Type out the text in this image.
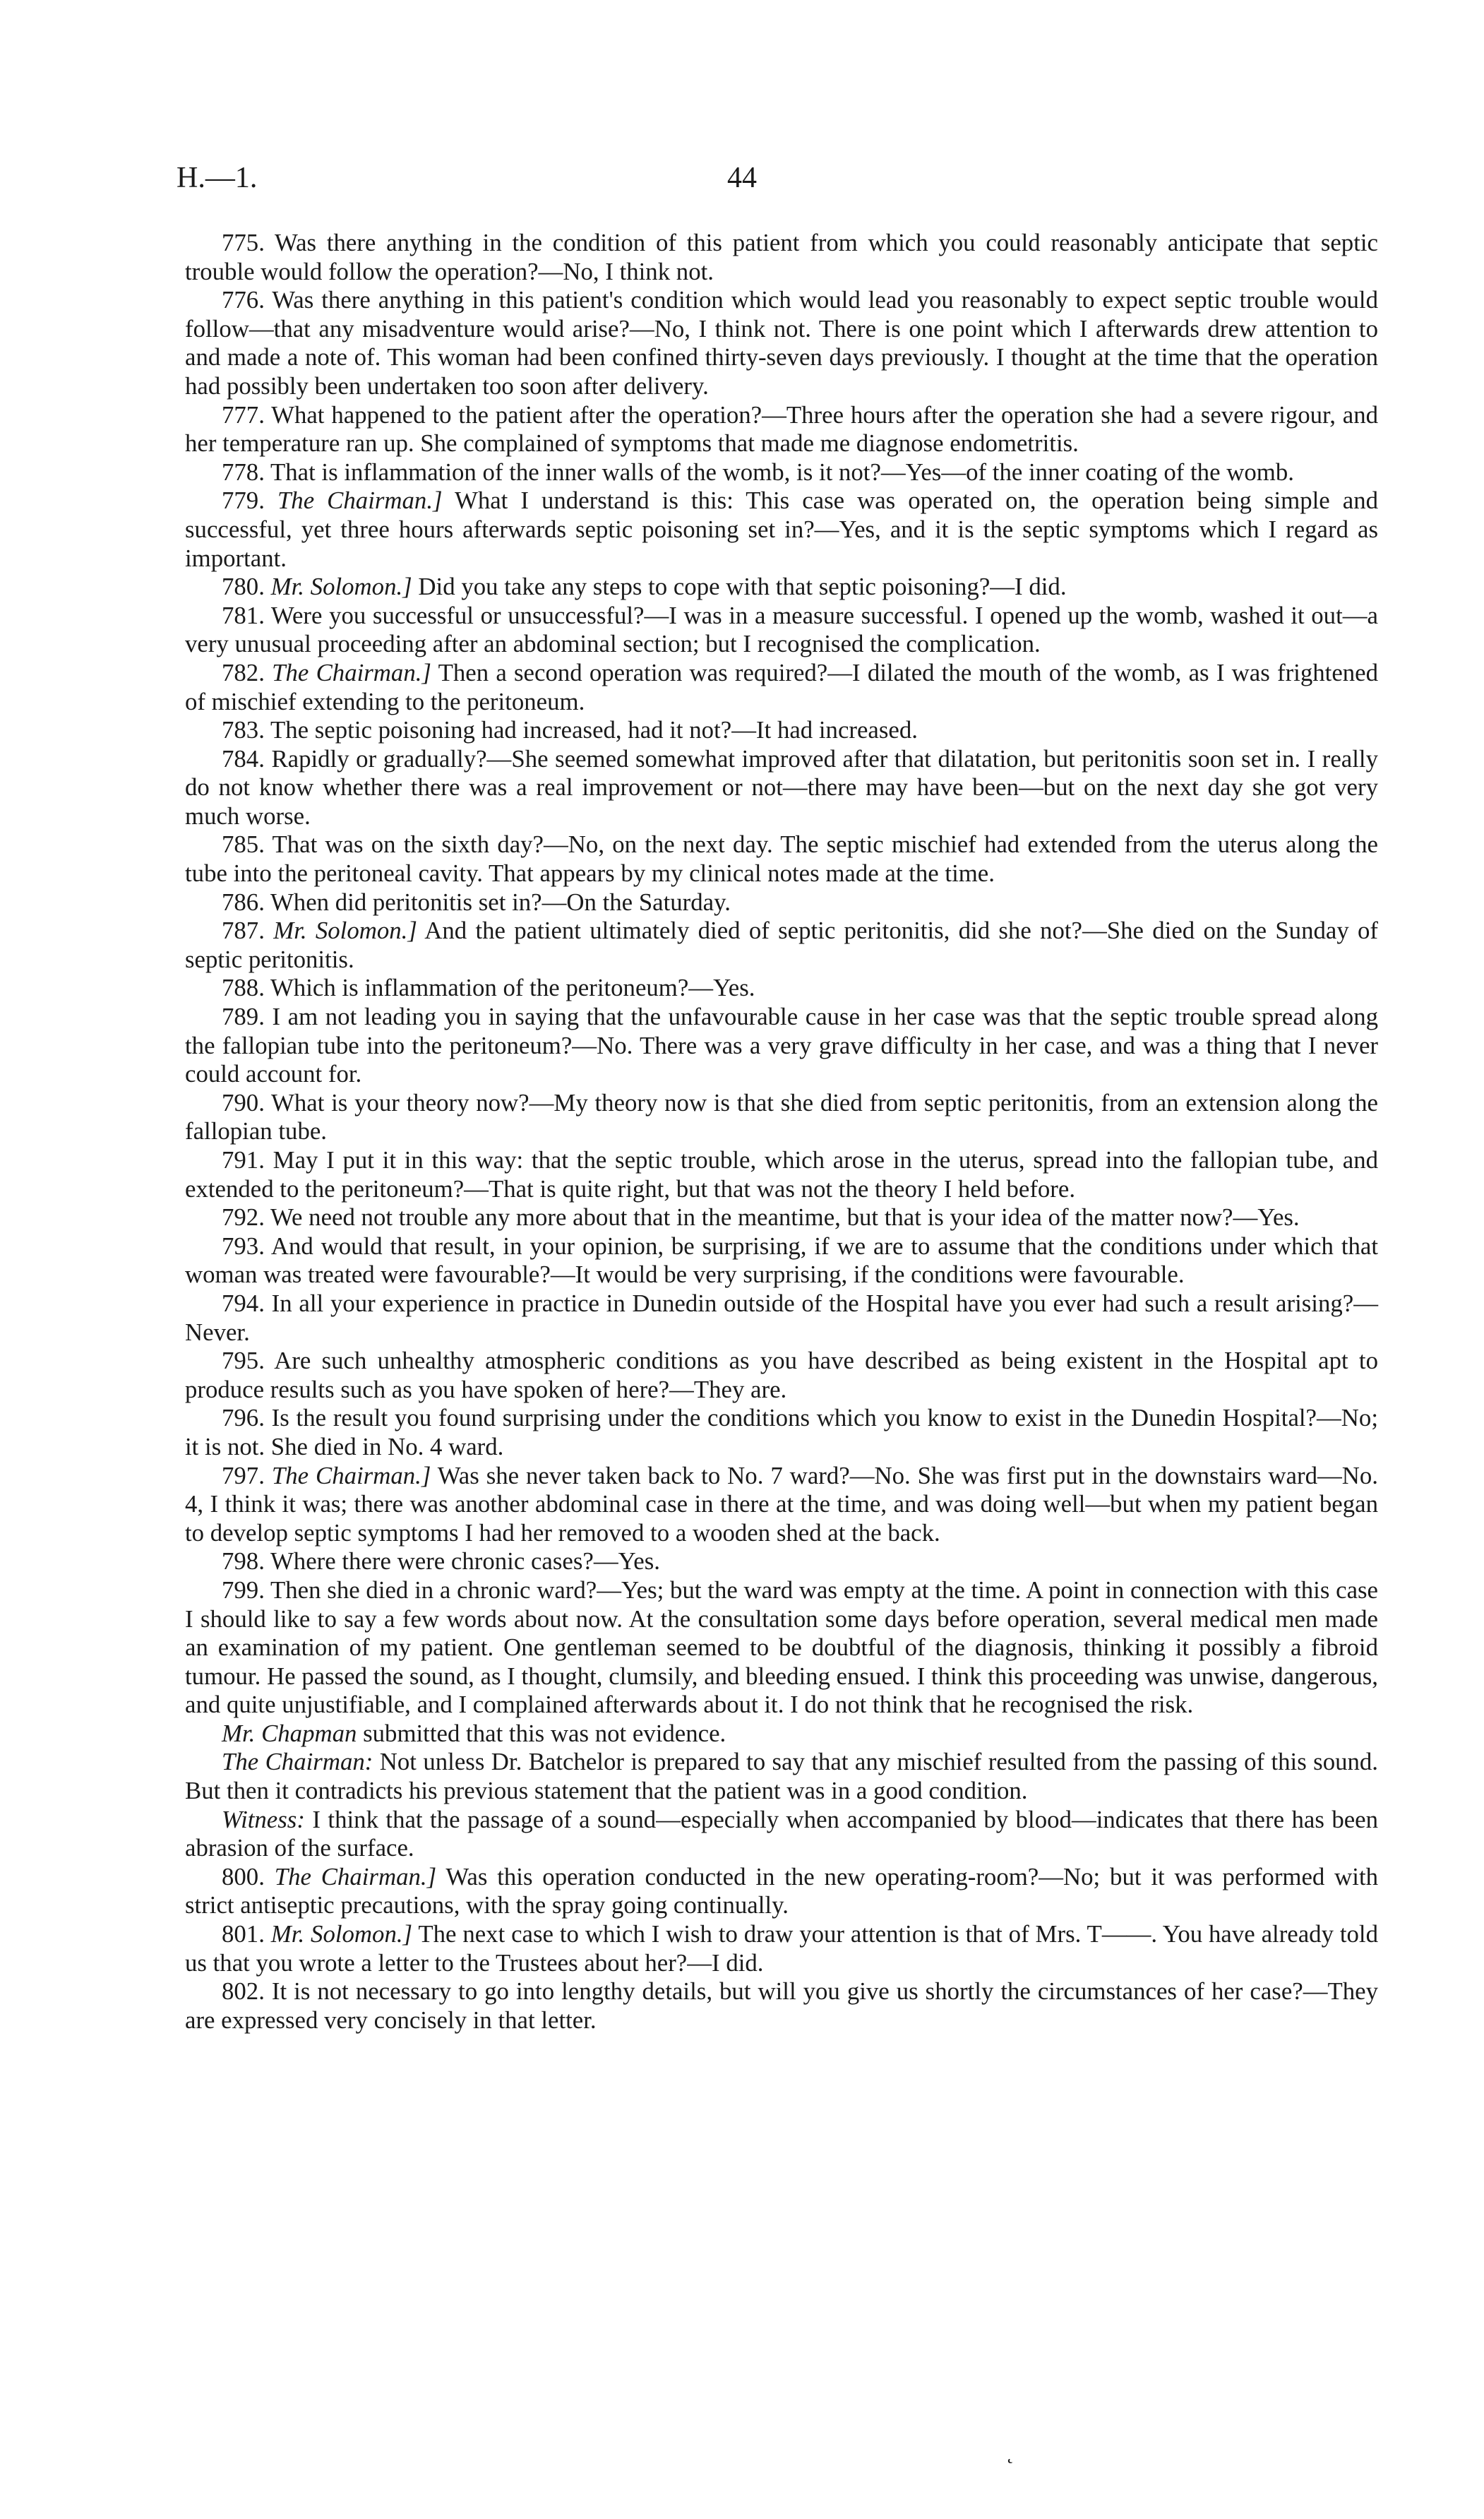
H.—1.	44

775. Was there anything in the condition of this patient from which you could reasonably anticipate that septic trouble would follow the operation?—No, I think not.

776. Was there anything in this patient's condition which would lead you reasonably to expect septic trouble would follow—that any misadventure would arise?—No, I think not. There is one point which I afterwards drew attention to and made a note of. This woman had been confined thirty-seven days previously. I thought at the time that the operation had possibly been undertaken too soon after delivery.

777. What happened to the patient after the operation?—Three hours after the operation she had a severe rigour, and her temperature ran up. She complained of symptoms that made me diagnose endometritis.

778. That is inflammation of the inner walls of the womb, is it not?—Yes—of the inner coating of the womb.

779. The Chairman.] What I understand is this: This case was operated on, the operation being simple and successful, yet three hours afterwards septic poisoning set in?—Yes, and it is the septic symptoms which I regard as important.

780. Mr. Solomon.] Did you take any steps to cope with that septic poisoning?—I did.

781. Were you successful or unsuccessful?—I was in a measure successful. I opened up the womb, washed it out—a very unusual proceeding after an abdominal section; but I recognised the complication.

782. The Chairman.] Then a second operation was required?—I dilated the mouth of the womb, as I was frightened of mischief extending to the peritoneum.

783. The septic poisoning had increased, had it not?—It had increased.

784. Rapidly or gradually?—She seemed somewhat improved after that dilatation, but peritonitis soon set in. I really do not know whether there was a real improvement or not—there may have been—but on the next day she got very much worse.

785. That was on the sixth day?—No, on the next day. The septic mischief had extended from the uterus along the tube into the peritoneal cavity. That appears by my clinical notes made at the time.

786. When did peritonitis set in?—On the Saturday.

787. Mr. Solomon.] And the patient ultimately died of septic peritonitis, did she not?—She died on the Sunday of septic peritonitis.

788. Which is inflammation of the peritoneum?—Yes.

789. I am not leading you in saying that the unfavourable cause in her case was that the septic trouble spread along the fallopian tube into the peritoneum?—No. There was a very grave difficulty in her case, and was a thing that I never could account for.

790. What is your theory now?—My theory now is that she died from septic peritonitis, from an extension along the fallopian tube.

791. May I put it in this way: that the septic trouble, which arose in the uterus, spread into the fallopian tube, and extended to the peritoneum?—That is quite right, but that was not the theory I held before.

792. We need not trouble any more about that in the meantime, but that is your idea of the matter now?—Yes.

793. And would that result, in your opinion, be surprising, if we are to assume that the conditions under which that woman was treated were favourable?—It would be very surprising, if the conditions were favourable.

794. In all your experience in practice in Dunedin outside of the Hospital have you ever had such a result arising?—Never.

795. Are such unhealthy atmospheric conditions as you have described as being existent in the Hospital apt to produce results such as you have spoken of here?—They are.

796. Is the result you found surprising under the conditions which you know to exist in the Dunedin Hospital?—No; it is not. She died in No. 4 ward.

797. The Chairman.] Was she never taken back to No. 7 ward?—No. She was first put in the downstairs ward—No. 4, I think it was; there was another abdominal case in there at the time, and was doing well—but when my patient began to develop septic symptoms I had her removed to a wooden shed at the back.

798. Where there were chronic cases?—Yes.

799. Then she died in a chronic ward?—Yes; but the ward was empty at the time. A point in connection with this case I should like to say a few words about now. At the consultation some days before operation, several medical men made an examination of my patient. One gentleman seemed to be doubtful of the diagnosis, thinking it possibly a fibroid tumour. He passed the sound, as I thought, clumsily, and bleeding ensued. I think this proceeding was unwise, dangerous, and quite unjustifiable, and I complained afterwards about it. I do not think that he recognised the risk.

Mr. Chapman submitted that this was not evidence.

The Chairman: Not unless Dr. Batchelor is prepared to say that any mischief resulted from the passing of this sound. But then it contradicts his previous statement that the patient was in a good condition.

Witness: I think that the passage of a sound—especially when accompanied by blood—indicates that there has been abrasion of the surface.

800. The Chairman.] Was this operation conducted in the new operating-room?—No; but it was performed with strict antiseptic precautions, with the spray going continually.

801. Mr. Solomon.] The next case to which I wish to draw your attention is that of Mrs. T——. You have already told us that you wrote a letter to the Trustees about her?—I did.

802. It is not necessary to go into lengthy details, but will you give us shortly the circumstances of her case?—They are expressed very concisely in that letter.

˛
